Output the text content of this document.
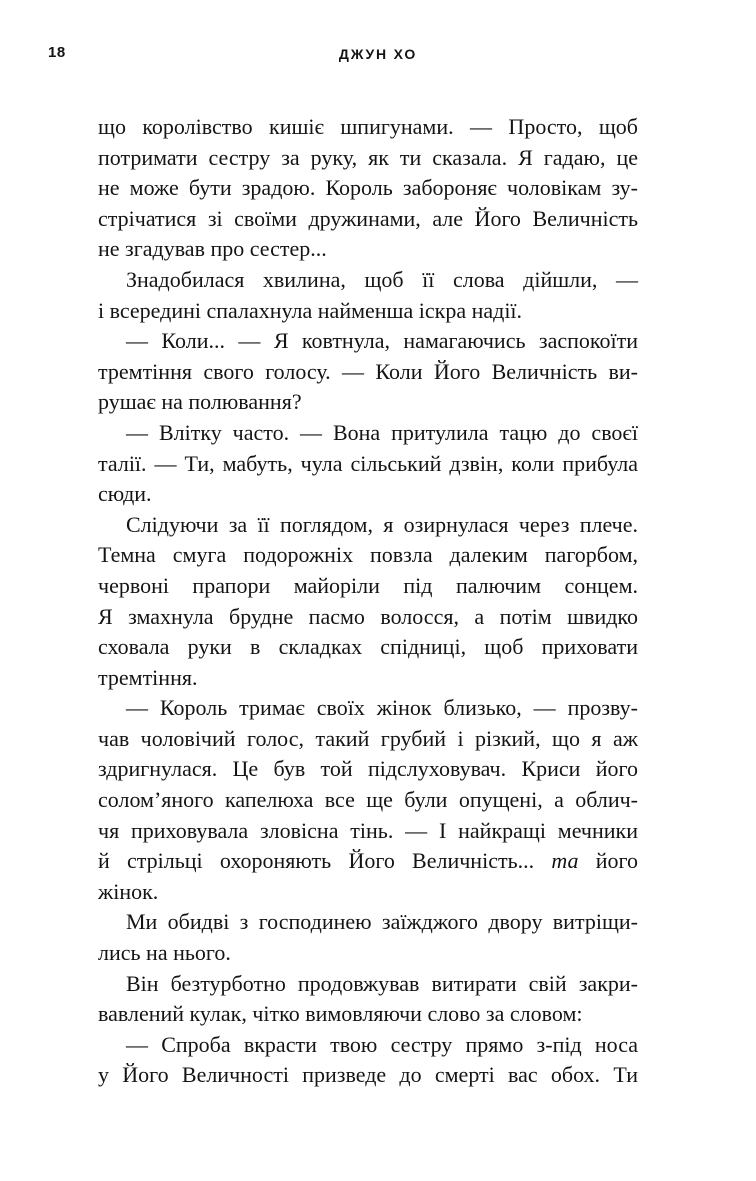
18	ДЖУН ХО

що королівство кишіє шпигунами. — Просто, щоб
потримати сестру за руку, як ти сказала. Я гадаю, це
не може бути зрадою. Король забороняє чоловікам зу-
стрічатися зі своїми дружинами, але Його Величність
не згадував про сестер...

Знадобилася хвилина, щоб її слова дійшли, —
і всередині спалахнула найменша іскра надії.

— Коли... — Я ковтнула, намагаючись заспокоїти
тремтіння свого голосу. — Коли Його Величність ви-
рушає на полювання?

— Влітку часто. — Вона притулила тацю до своєї
талії. — Ти, мабуть, чула сільський дзвін, коли прибула
сюди.

Слідуючи за її поглядом, я озирнулася через плече.
Темна смуга подорожніх повзла далеким пагорбом,
червоні прапори майоріли під палючим сонцем.
Я змахнула брудне пасмо волосся, а потім швидко
сховала руки в складках спідниці, щоб приховати
тремтіння.

— Король тримає своїх жінок близько, — прозву-
чав чоловічий голос, такий грубий і різкий, що я аж
здригнулася. Це був той підслуховувач. Криси його
солом’яного капелюха все ще були опущені, а облич-
чя приховувала зловісна тінь. — І найкращі мечники
й стрільці охороняють Його Величність... та його
жінок.

Ми обидві з господинею заїжджого двору витріщи-
лись на нього.

Він безтурботно продовжував витирати свій закри-
вавлений кулак, чітко вимовляючи слово за словом:

— Спроба вкрасти твою сестру прямо з-під носа
у Його Величності призведе до смерті вас обох. Ти
